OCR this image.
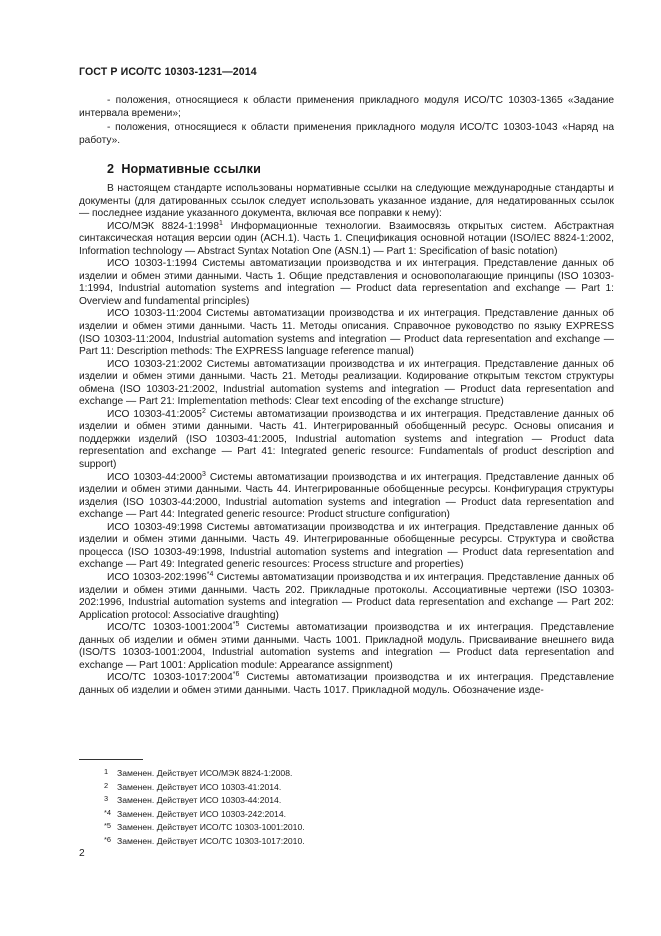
ГОСТ Р ИСО/ТС 10303-1231—2014

- положения, относящиеся к области применения прикладного модуля ИСО/ТС 10303-1365 «Задание интервала времени»;

- положения, относящиеся к области применения прикладного модуля ИСО/ТС 10303-1043 «Наряд на работу».

2 Нормативные ссылки

В настоящем стандарте использованы нормативные ссылки на следующие международные стандарты и документы (для датированных ссылок следует использовать указанное издание, для недатированных ссылок — последнее издание указанного документа, включая все поправки к нему):

ИСО/МЭК 8824-1:1998$^1$ Информационные технологии. Взаимосвязь открытых систем. Абстрактная синтаксическая нотация версии один (АСН.1). Часть 1. Спецификация основной нотации (ISO/IEC 8824-1:2002, Information technology — Abstract Syntax Notation One (ASN.1) — Part 1: Specification of basic notation)

ИСО 10303-1:1994 Системы автоматизации производства и их интеграция. Представление данных об изделии и обмен этими данными. Часть 1. Общие представления и основополагающие принципы (ISO 10303-1:1994, Industrial automation systems and integration — Product data representation and exchange — Part 1: Overview and fundamental principles)

ИСО 10303-11:2004 Системы автоматизации производства и их интеграция. Представление данных об изделии и обмен этими данными. Часть 11. Методы описания. Справочное руководство по языку EXPRESS (ISO 10303-11:2004, Industrial automation systems and integration — Product data representation and exchange — Part 11: Description methods: The EXPRESS language reference manual)

ИСО 10303-21:2002 Системы автоматизации производства и их интеграция. Представление данных об изделии и обмен этими данными. Часть 21. Методы реализации. Кодирование открытым текстом структуры обмена (ISO 10303-21:2002, Industrial automation systems and integration — Product data representation and exchange — Part 21: Implementation methods: Clear text encoding of the exchange structure)

ИСО 10303-41:2005$^2$ Системы автоматизации производства и их интеграция. Представление данных об изделии и обмен этими данными. Часть 41. Интегрированный обобщенный ресурс. Основы описания и поддержки изделий (ISO 10303-41:2005, Industrial automation systems and integration — Product data representation and exchange — Part 41: Integrated generic resource: Fundamentals of product description and support)

ИСО 10303-44:2000$^3$ Системы автоматизации производства и их интеграция. Представление данных об изделии и обмен этими данными. Часть 44. Интегрированные обобщенные ресурсы. Конфигурация структуры изделия (ISO 10303-44:2000, Industrial automation systems and integration — Product data representation and exchange — Part 44: Integrated generic resource: Product structure configuration)

ИСО 10303-49:1998 Системы автоматизации производства и их интеграция. Представление данных об изделии и обмен этими данными. Часть 49. Интегрированные обобщенные ресурсы. Структура и свойства процесса (ISO 10303-49:1998, Industrial automation systems and integration — Product data representation and exchange — Part 49: Integrated generic resources: Process structure and properties)

ИСО 10303-202:1996$^{*4}$ Системы автоматизации производства и их интеграция. Представление данных об изделии и обмен этими данными. Часть 202. Прикладные протоколы. Ассоциативные чертежи (ISO 10303-202:1996, Industrial automation systems and integration — Product data representation and exchange — Part 202: Application protocol: Associative draughting)

ИСО/ТС 10303-1001:2004$^{*5}$ Системы автоматизации производства и их интеграция. Представление данных об изделии и обмен этими данными. Часть 1001. Прикладной модуль. Присваивание внешнего вида (ISO/TS 10303-1001:2004, Industrial automation systems and integration — Product data representation and exchange — Part 1001: Application module: Appearance assignment)

ИСО/ТС 10303-1017:2004$^{*6}$ Системы автоматизации производства и их интеграция. Представление данных об изделии и обмен этими данными. Часть 1017. Прикладной модуль. Обозначение изде-

1 Заменен. Действует ИСО/МЭК 8824-1:2008.
2 Заменен. Действует ИСО 10303-41:2014.
3 Заменен. Действует ИСО 10303-44:2014.
*4 Заменен. Действует ИСО 10303-242:2014.
*5 Заменен. Действует ИСО/ТС 10303-1001:2010.
*6 Заменен. Действует ИСО/ТС 10303-1017:2010.
2
